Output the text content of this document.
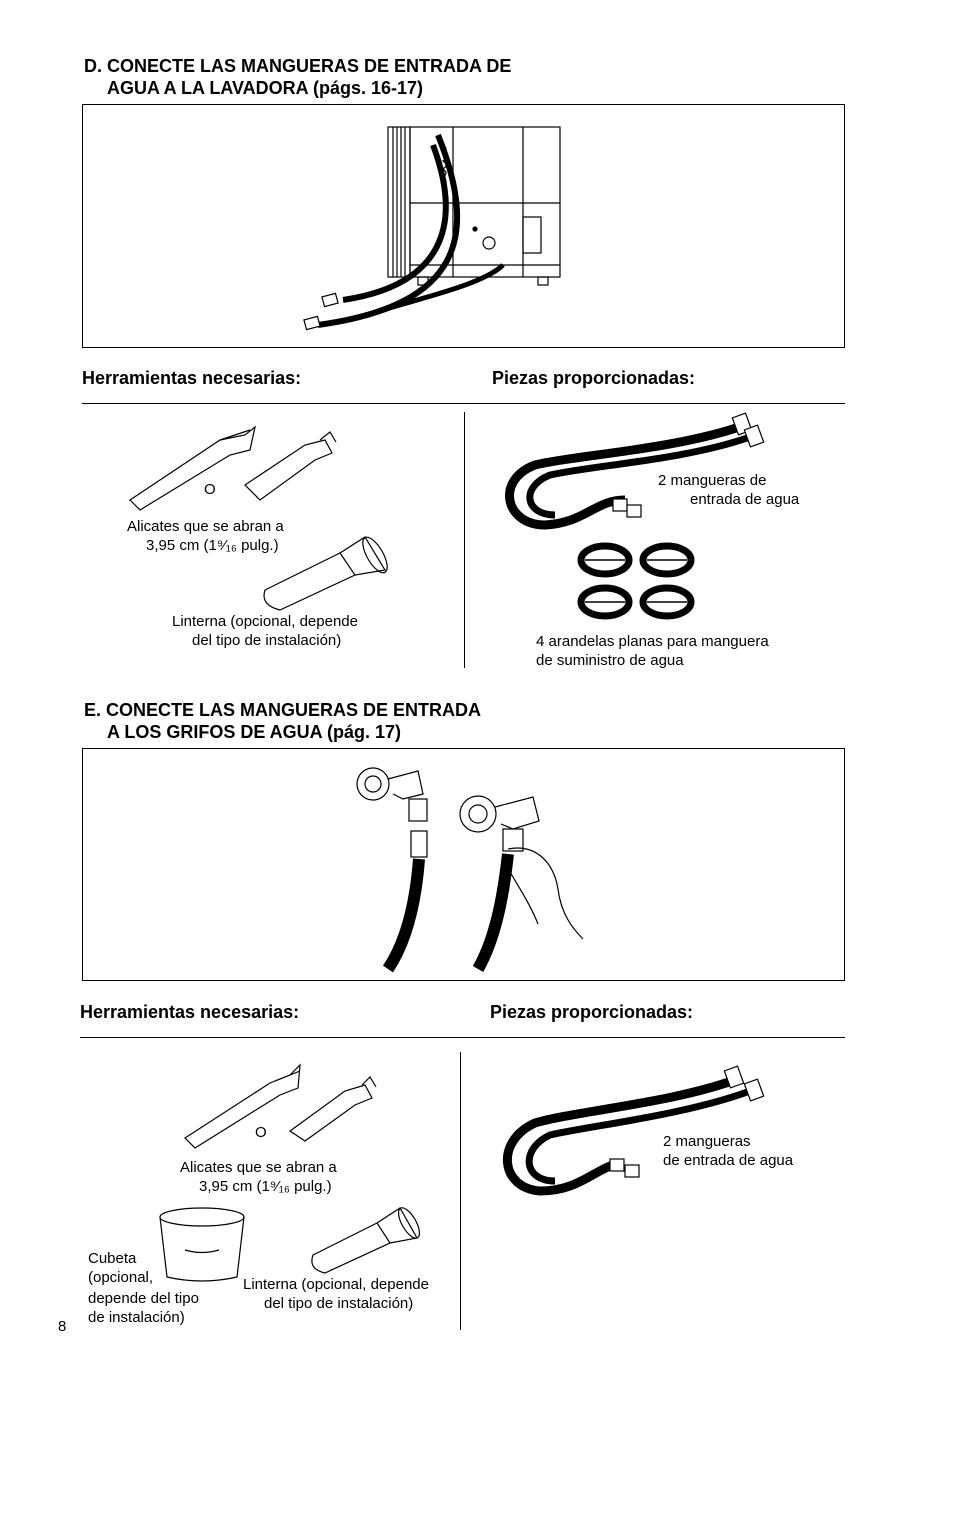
D. CONECTE LAS MANGUERAS DE ENTRADA DE
AGUA A LA LAVADORA (págs. 16-17)
Herramientas necesarias:	Piezas proporcionadas:
O
Alicates que se abran a
3,95 cm (1⁹⁄₁₆ pulg.)
Linterna (opcional, depende
del tipo de instalación)
2 mangueras de
entrada de agua
4 arandelas planas para manguera
de suministro de agua
E. CONECTE LAS MANGUERAS DE ENTRADA
A LOS GRIFOS DE AGUA (pág. 17)
Herramientas necesarias:	Piezas proporcionadas:
O
Alicates que se abran a
3,95 cm (1⁹⁄₁₆ pulg.)
Cubeta
(opcional,
depende del tipo
de instalación)
Linterna (opcional, depende
del tipo de instalación)
2 mangueras
de entrada de agua
8
